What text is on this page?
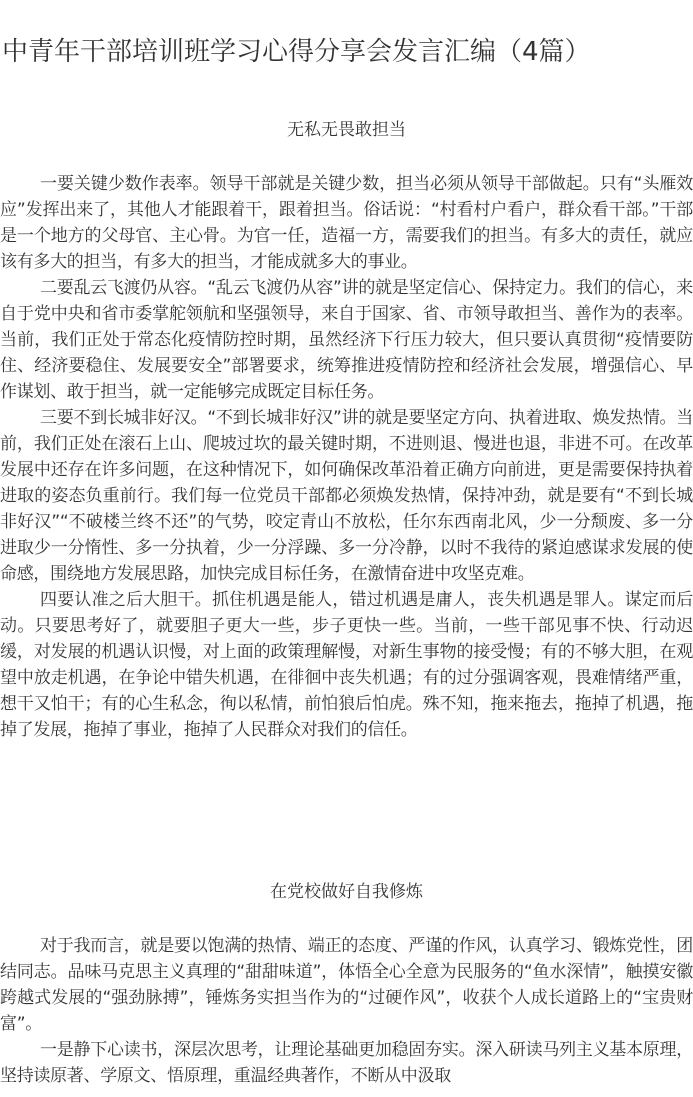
中青年干部培训班学习心得分享会发言汇编（4篇）
无私无畏敢担当

一要关键少数作表率。领导干部就是关键少数，担当必须从领导干部做起。只有“头雁效应”发挥出来了，其他人才能跟着干，跟着担当。俗话说：“村看村户看户，群众看干部。”干部是一个地方的父母官、主心骨。为官一任，造福一方，需要我们的担当。有多大的责任，就应该有多大的担当，有多大的担当，才能成就多大的事业。

二要乱云飞渡仍从容。“乱云飞渡仍从容”讲的就是坚定信心、保持定力。我们的信心，来自于党中央和省市委掌舵领航和坚强领导，来自于国家、省、市领导敢担当、善作为的表率。当前，我们正处于常态化疫情防控时期，虽然经济下行压力较大，但只要认真贯彻“疫情要防住、经济要稳住、发展要安全”部署要求，统筹推进疫情防控和经济社会发展，增强信心、早作谋划、敢于担当，就一定能够完成既定目标任务。

三要不到长城非好汉。“不到长城非好汉”讲的就是要坚定方向、执着进取、焕发热情。当前，我们正处在滚石上山、爬坡过坎的最关键时期，不进则退、慢进也退，非进不可。在改革发展中还存在许多问题，在这种情况下，如何确保改革沿着正确方向前进，更是需要保持执着进取的姿态负重前行。我们每一位党员干部都必须焕发热情，保持冲劲，就是要有“不到长城非好汉”“不破楼兰终不还”的气势，咬定青山不放松，任尔东西南北风，少一分颓废、多一分进取少一分惰性、多一分执着，少一分浮躁、多一分冷静，以时不我待的紧迫感谋求发展的使命感，围绕地方发展思路，加快完成目标任务，在激情奋进中攻坚克难。

四要认准之后大胆干。抓住机遇是能人，错过机遇是庸人，丧失机遇是罪人。谋定而后动。只要思考好了，就要胆子更大一些，步子更快一些。当前，一些干部见事不快、行动迟缓，对发展的机遇认识慢，对上面的政策理解慢，对新生事物的接受慢；有的不够大胆，在观望中放走机遇，在争论中错失机遇，在徘徊中丧失机遇；有的过分强调客观，畏难情绪严重，想干又怕干；有的心生私念，徇以私情，前怕狼后怕虎。殊不知，拖来拖去，拖掉了机遇，拖掉了发展，拖掉了事业，拖掉了人民群众对我们的信任。

在党校做好自我修炼

对于我而言，就是要以饱满的热情、端正的态度、严谨的作风，认真学习、锻炼党性，团结同志。品味马克思主义真理的“甜甜味道”，体悟全心全意为民服务的“鱼水深情”，触摸安徽跨越式发展的“强劲脉搏”，锤炼务实担当作为的“过硬作风”，收获个人成长道路上的“宝贵财富”。

一是静下心读书，深层次思考，让理论基础更加稳固夯实。深入研读马列主义基本原理，坚持读原著、学原文、悟原理，重温经典著作，不断从中汲取
